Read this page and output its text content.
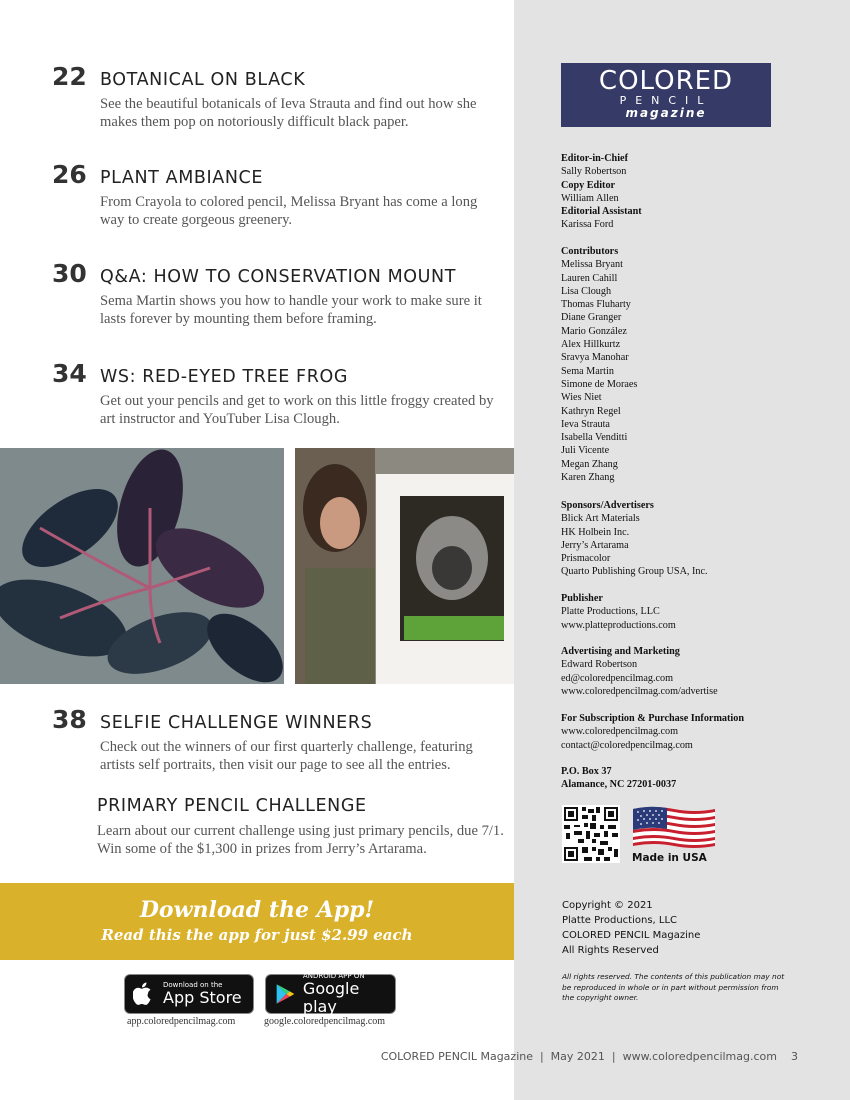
22 BOTANICAL ON BLACK
See the beautiful botanicals of Ieva Strauta and find out how she makes them pop on notoriously difficult black paper.
26 PLANT AMBIANCE
From Crayola to colored pencil, Melissa Bryant has come a long way to create gorgeous greenery.
30 Q&A: HOW TO CONSERVATION MOUNT
Sema Martin shows you how to handle your work to make sure it lasts forever by mounting them before framing.
34 WS: RED-EYED TREE FROG
Get out your pencils and get to work on this little froggy created by art instructor and YouTuber Lisa Clough.
38 SELFIE CHALLENGE WINNERS
Check out the winners of our first quarterly challenge, featuring artists self portraits, then visit our page to see all the entries.
PRIMARY PENCIL CHALLENGE
Learn about our current challenge using just primary pencils, due 7/1. Win some of the $1,300 in prizes from Jerry’s Artarama.
Download the App!
Read this the app for just $2.99 each
Download on the
App Store
app.coloredpencilmag.com
ANDROID APP ON
Google play
google.coloredpencilmag.com
COLORED
PENCIL
magazine
Editor-in-Chief
Sally Robertson
Copy Editor
William Allen
Editorial Assistant
Karissa Ford
Contributors
Melissa Bryant
Lauren Cahill
Lisa Clough
Thomas Fluharty
Diane Granger
Mario González
Alex Hillkurtz
Sravya Manohar
Sema Martin
Simone de Moraes
Wies Niet
Kathryn Regel
Ieva Strauta
Isabella Venditti
Juli Vicente
Megan Zhang
Karen Zhang
Sponsors/Advertisers
Blick Art Materials
HK Holbein Inc.
Jerry’s Artarama
Prismacolor
Quarto Publishing Group USA, Inc.
Publisher
Platte Productions, LLC
www.platteproductions.com
Advertising and Marketing
Edward Robertson
ed@coloredpencilmag.com
www.coloredpencilmag.com/advertise
For Subscription & Purchase Information
www.coloredpencilmag.com
contact@coloredpencilmag.com
P.O. Box 37
Alamance, NC 27201-0037
Made in USA
Copyright © 2021
Platte Productions, LLC
COLORED PENCIL Magazine
All Rights Reserved
All rights reserved. The contents of this publication may not be reproduced in whole or in part without permission from the copyright owner.
COLORED PENCIL Magazine  |  May 2021  |  www.coloredpencilmag.com 3
